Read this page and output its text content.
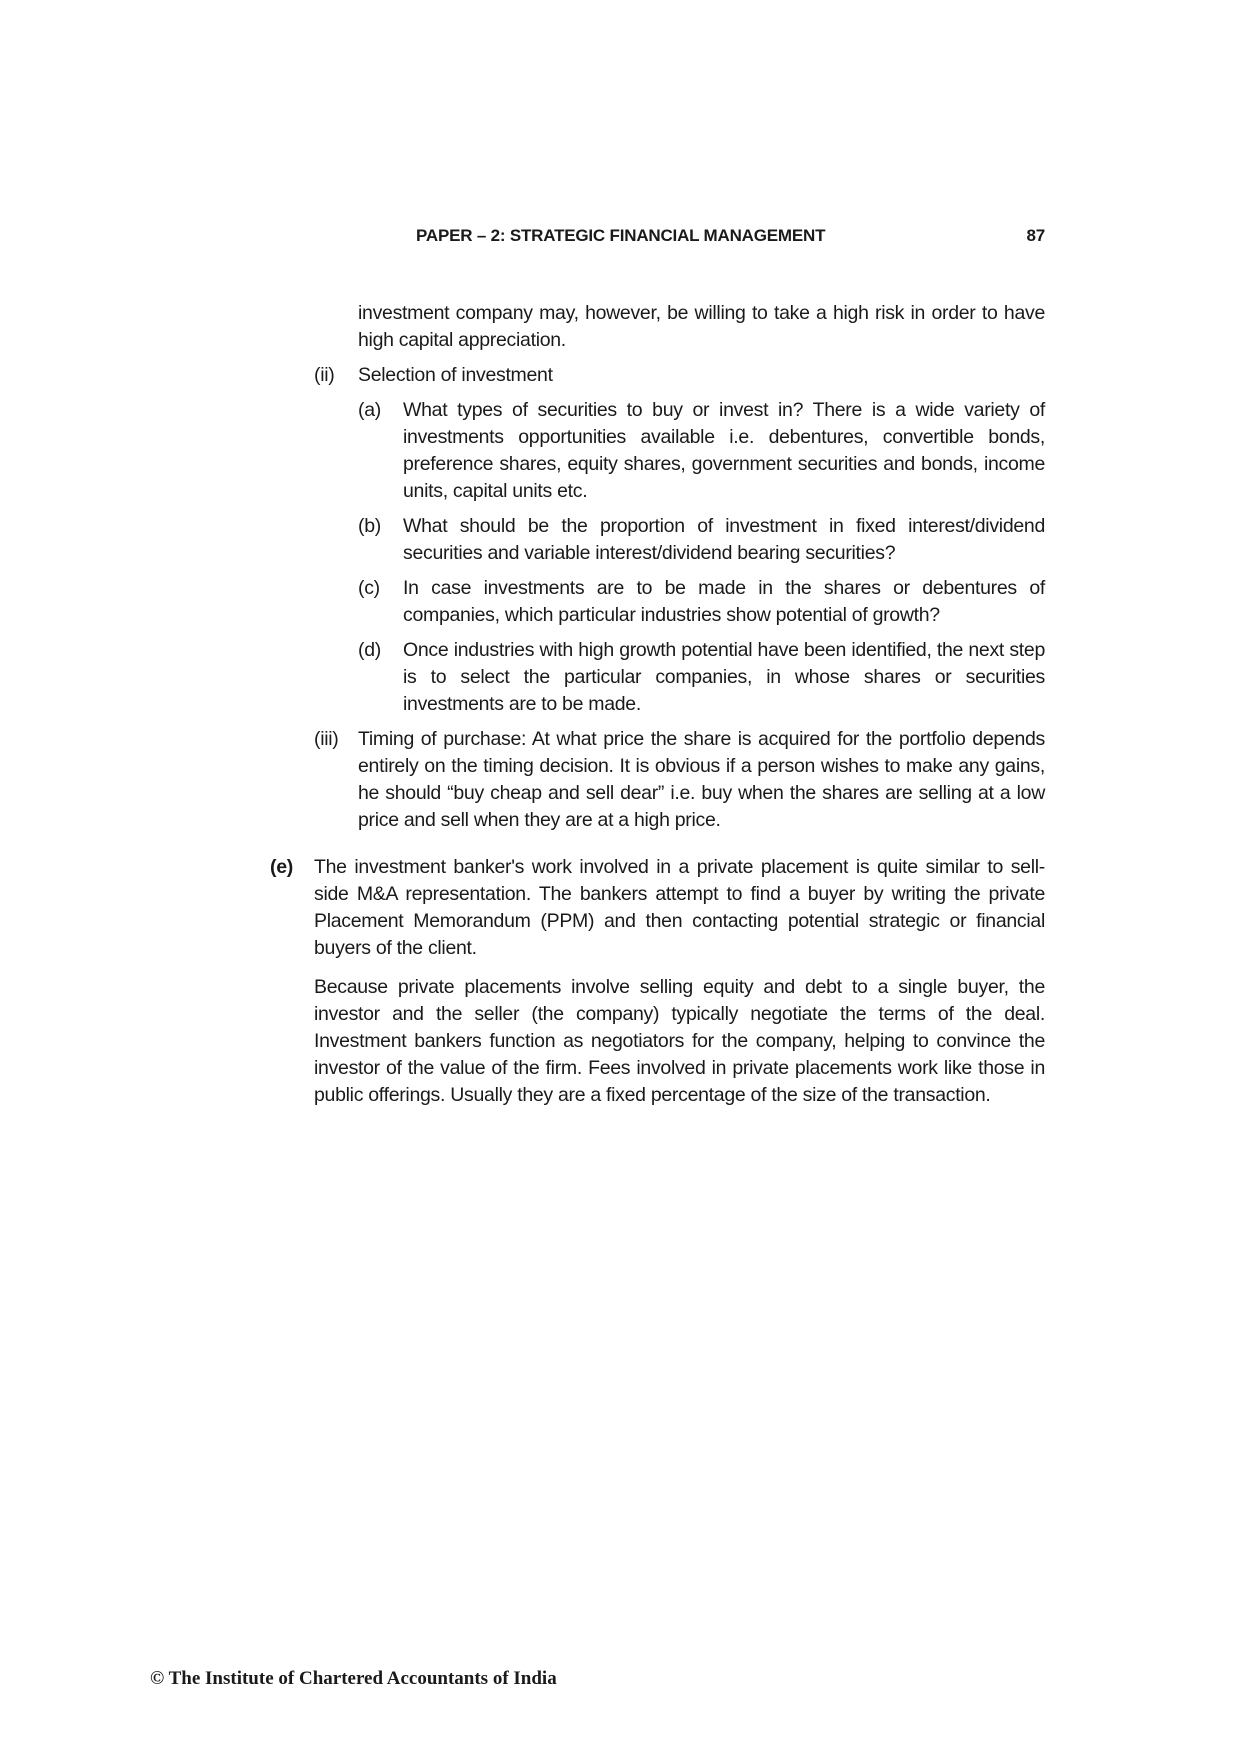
PAPER – 2: STRATEGIC FINANCIAL MANAGEMENT	87

investment company may, however, be willing to take a high risk in order to have high capital appreciation.

(ii)	Selection of investment
(a)	What types of securities to buy or invest in? There is a wide variety of investments opportunities available i.e. debentures, convertible bonds, preference shares, equity shares, government securities and bonds, income units, capital units etc.
(b)	What should be the proportion of investment in fixed interest/dividend securities and variable interest/dividend bearing securities?
(c)	In case investments are to be made in the shares or debentures of companies, which particular industries show potential of growth?
(d)	Once industries with high growth potential have been identified, the next step is to select the particular companies, in whose shares or securities investments are to be made.
(iii)	Timing of purchase: At what price the share is acquired for the portfolio depends entirely on the timing decision. It is obvious if a person wishes to make any gains, he should “buy cheap and sell dear” i.e. buy when the shares are selling at a low price and sell when they are at a high price.
(e)	The investment banker's work involved in a private placement is quite similar to sell-side M&A representation. The bankers attempt to find a buyer by writing the private Placement Memorandum (PPM) and then contacting potential strategic or financial buyers of the client.

Because private placements involve selling equity and debt to a single buyer, the investor and the seller (the company) typically negotiate the terms of the deal. Investment bankers function as negotiators for the company, helping to convince the investor of the value of the firm. Fees involved in private placements work like those in public offerings. Usually they are a fixed percentage of the size of the transaction.

© The Institute of Chartered Accountants of India
